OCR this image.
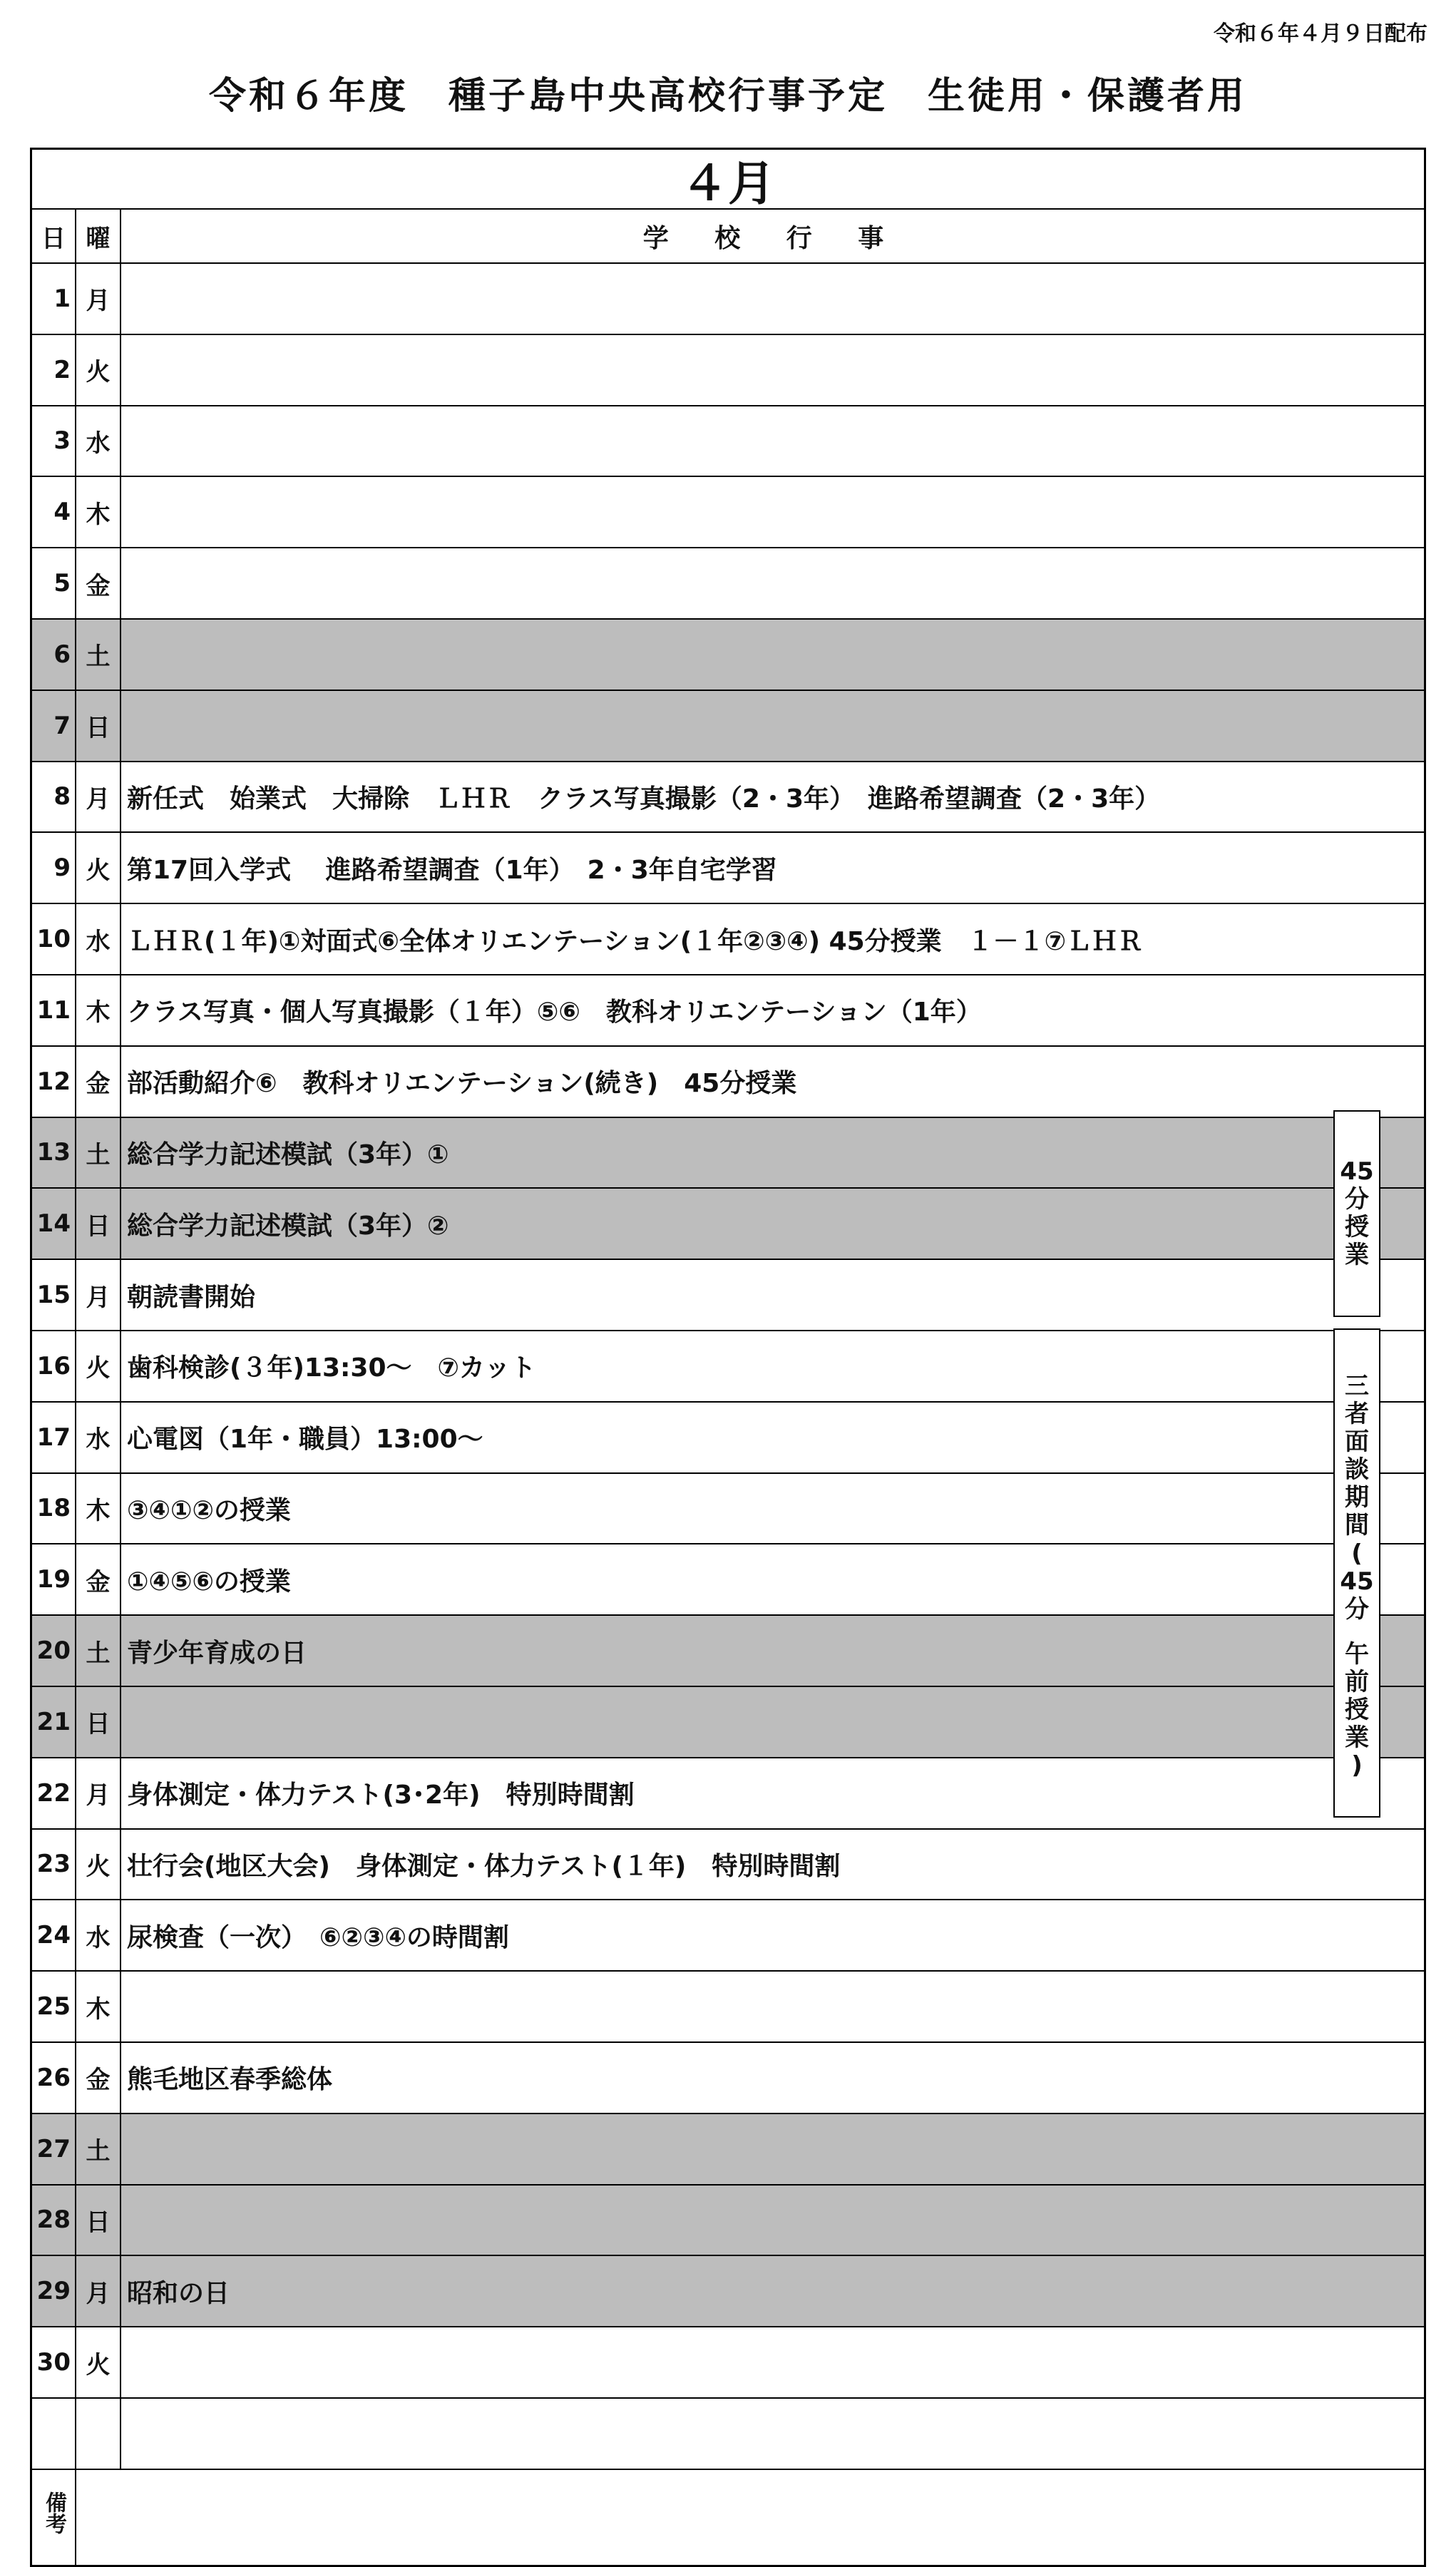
令和６年４月９日配布
令和６年度　種子島中央高校行事予定　生徒用・保護者用
４月
日 曜	学 校 行 事
1 月
2 火
3 水
4 木
5 金
6 土
7 日
8 月 新任式　始業式　大掃除　ＬＨＲ　クラス写真撮影（2・3年）　進路希望調査（2・3年）
9 火 第17回入学式　 進路希望調査（1年）　2・3年自宅学習
10 水 ＬＨＲ(１年)①対面式⑥全体オリエンテーション(１年②③④) 45分授業　１－１⑦ＬＨＲ
11 木 クラス写真・個人写真撮影（１年）⑤⑥　教科オリエンテーション（1年）
12 金 部活動紹介⑥　教科オリエンテーション(続き)　45分授業
13 土 総合学力記述模試（3年）①
14 日 総合学力記述模試（3年）②
15 月 朝読書開始
16 火 歯科検診(３年)13:30～　⑦カット
17 水 心電図（1年・職員）13:00～
18 木 ③④①②の授業
19 金 ①④⑤⑥の授業
20 土 青少年育成の日
21 日
22 月 身体測定・体力テスト(3･2年)　特別時間割
23 火 壮行会(地区大会)　身体測定・体力テスト(１年)　特別時間割
24 水 尿検査（一次）　⑥②③④の時間割
25 木
26 金 熊毛地区春季総体
27 土
28 日
29 月 昭和の日
30 火
備考
45
分
授
業
三
者
面
談
期
間
(
45
分
午
前
授
業
)
